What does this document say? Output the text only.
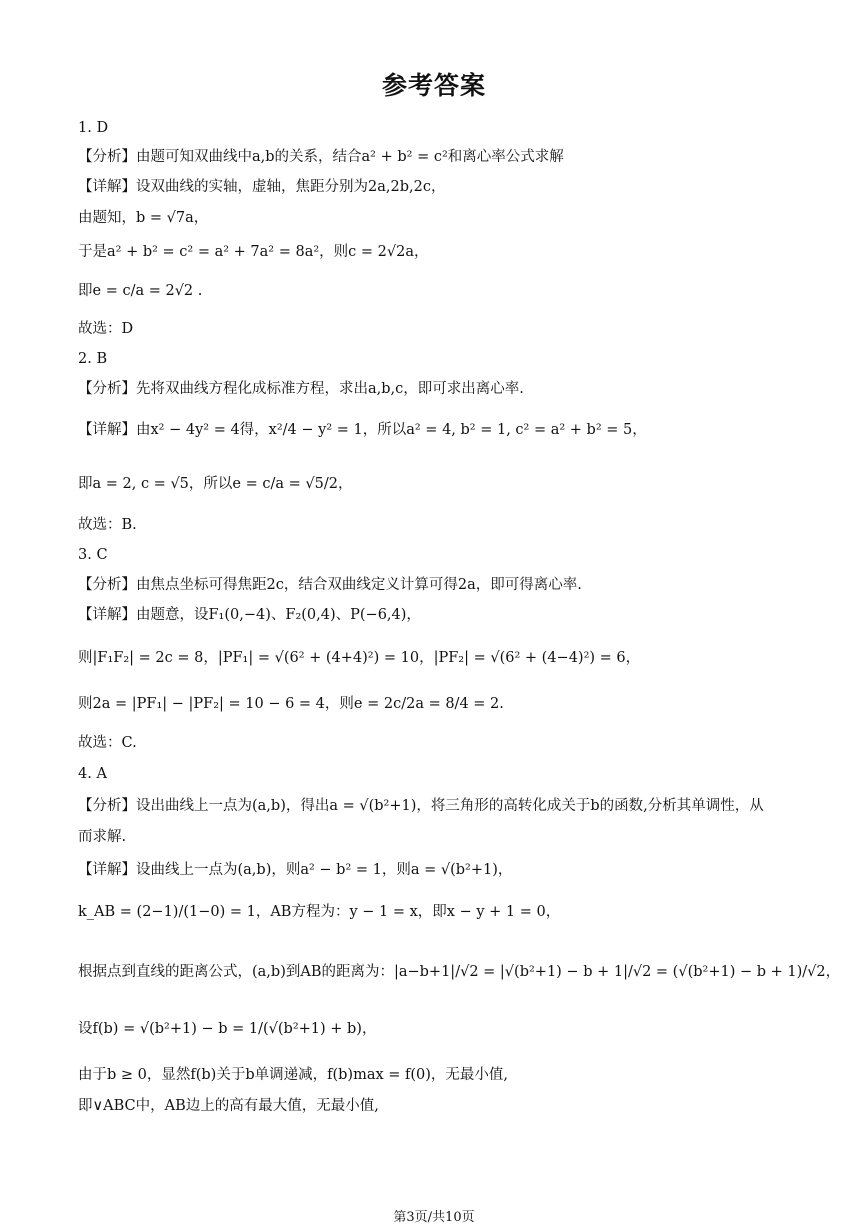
参考答案
1. D
【分析】由题可知双曲线中a,b的关系，结合a² + b² = c²和离心率公式求解
【详解】设双曲线的实轴，虚轴，焦距分别为2a,2b,2c，
由题知，b = √7a，
于是a² + b² = c² = a² + 7a² = 8a²，则c = 2√2a，
即e = c/a = 2√2 .
故选：D
2. B
【分析】先将双曲线方程化成标准方程，求出a,b,c，即可求出离心率.
【详解】由x² − 4y² = 4得，x²/4 − y² = 1，所以a² = 4, b² = 1, c² = a² + b² = 5，
即a = 2, c = √5，所以e = c/a = √5/2，
故选：B.
3. C
【分析】由焦点坐标可得焦距2c，结合双曲线定义计算可得2a，即可得离心率.
【详解】由题意，设F₁(0,−4)、F₂(0,4)、P(−6,4)，
则|F₁F₂| = 2c = 8，|PF₁| = √(6² + (4+4)²) = 10，|PF₂| = √(6² + (4−4)²) = 6，
则2a = |PF₁| − |PF₂| = 10 − 6 = 4，则e = 2c/2a = 8/4 = 2.
故选：C.
4. A
【分析】设出曲线上一点为(a,b)，得出a = √(b²+1)，将三角形的高转化成关于b的函数,分析其单调性，从
而求解.
【详解】设曲线上一点为(a,b)，则a² − b² = 1，则a = √(b²+1)，
k_AB = (2−1)/(1−0) = 1，AB方程为：y − 1 = x，即x − y + 1 = 0，
根据点到直线的距离公式，(a,b)到AB的距离为：|a−b+1|/√2 = |√(b²+1) − b + 1|/√2 = (√(b²+1) − b + 1)/√2，
设f(b) = √(b²+1) − b = 1/(√(b²+1) + b)，
由于b ≥ 0，显然f(b)关于b单调递减，f(b)max = f(0)，无最小值,
即∨ABC中，AB边上的高有最大值，无最小值,
第3页/共10页
